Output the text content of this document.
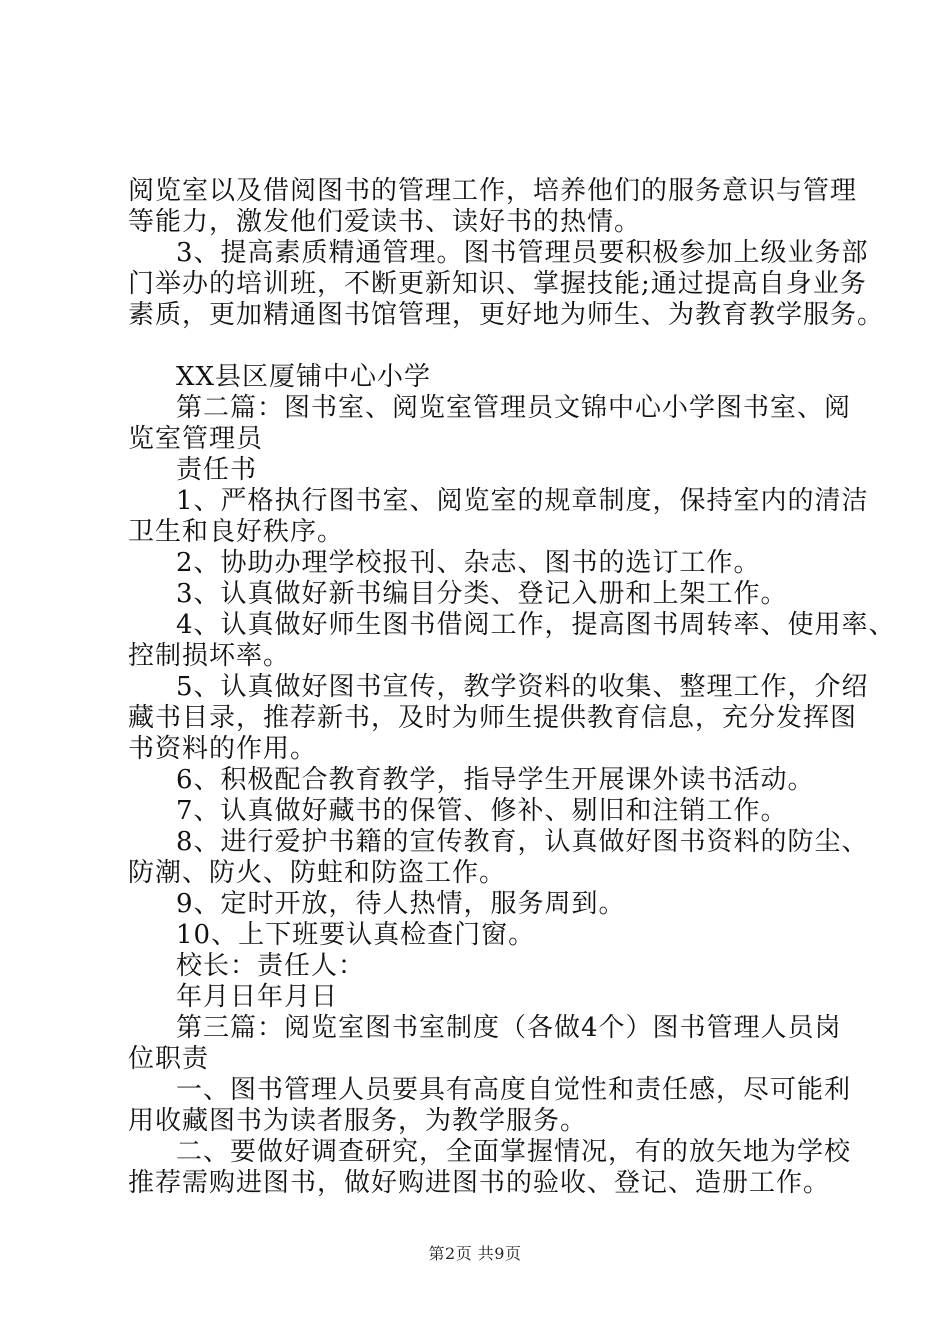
阅览室以及借阅图书的管理工作，培养他们的服务意识与管理
等能力，激发他们爱读书、读好书的热情。
3、提高素质精通管理。图书管理员要积极参加上级业务部
门举办的培训班，不断更新知识、掌握技能;通过提高自身业务
素质，更加精通图书馆管理，更好地为师生、为教育教学服务。
XX县区厦铺中心小学
第二篇：图书室、阅览室管理员文锦中心小学图书室、阅
览室管理员
责任书
1、严格执行图书室、阅览室的规章制度，保持室内的清洁
卫生和良好秩序。
2、协助办理学校报刊、杂志、图书的选订工作。
3、认真做好新书编目分类、登记入册和上架工作。
4、认真做好师生图书借阅工作，提高图书周转率、使用率、
控制损坏率。
5、认真做好图书宣传，教学资料的收集、整理工作，介绍
藏书目录，推荐新书，及时为师生提供教育信息，充分发挥图
书资料的作用。
6、积极配合教育教学，指导学生开展课外读书活动。
7、认真做好藏书的保管、修补、剔旧和注销工作。
8、进行爱护书籍的宣传教育，认真做好图书资料的防尘、
防潮、防火、防蛀和防盗工作。
9、定时开放，待人热情，服务周到。
10、上下班要认真检查门窗。
校长：责任人：
年月日年月日
第三篇：阅览室图书室制度（各做4个）图书管理人员岗
位职责
一、图书管理人员要具有高度自觉性和责任感，尽可能利
用收藏图书为读者服务，为教学服务。
二、要做好调查研究，全面掌握情况，有的放矢地为学校
推荐需购进图书，做好购进图书的验收、登记、造册工作。
第2页 共9页
